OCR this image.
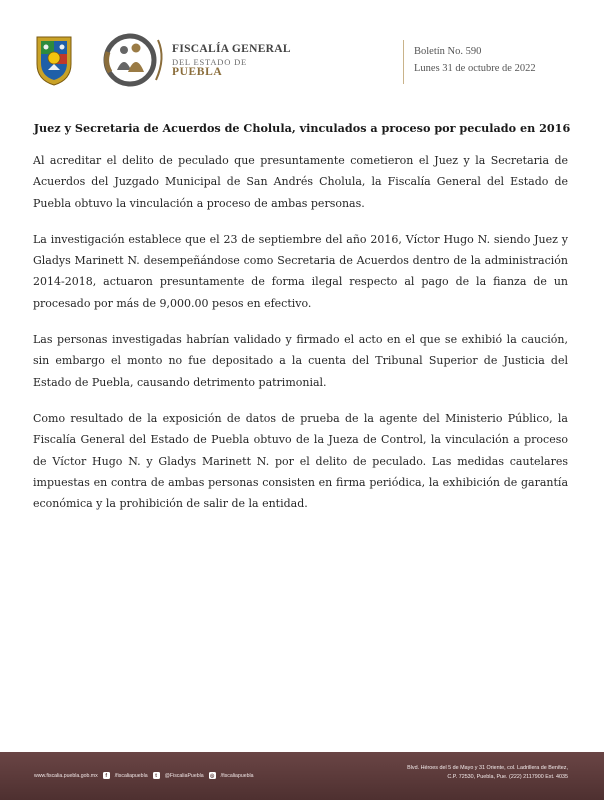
FISCALÍA GENERAL
DEL ESTADO DE
PUEBLA
Boletín No. 590
Lunes 31 de octubre de 2022
Juez y Secretaria de Acuerdos de Cholula, vinculados a proceso por peculado en 2016

Al acreditar el delito de peculado que presuntamente cometieron el Juez y la Secretaria de Acuerdos del Juzgado Municipal de San Andrés Cholula, la Fiscalía General del Estado de Puebla obtuvo la vinculación a proceso de ambas personas.

La investigación establece que el 23 de septiembre del año 2016, Víctor Hugo N. siendo Juez y Gladys Marinett N. desempeñándose como Secretaria de Acuerdos dentro de la administración 2014-2018, actuaron presuntamente de forma ilegal respecto al pago de la fianza de un procesado por más de 9,000.00 pesos en efectivo.

Las personas investigadas habrían validado y firmado el acto en el que se exhibió la caución, sin embargo el monto no fue depositado a la cuenta del Tribunal Superior de Justicia del Estado de Puebla, causando detrimento patrimonial.

Como resultado de la exposición de datos de prueba de la agente del Ministerio Público, la Fiscalía General del Estado de Puebla obtuvo de la Jueza de Control, la vinculación a proceso de Víctor Hugo N. y Gladys Marinett N. por el delito de peculado. Las medidas cautelares impuestas en contra de ambas personas consisten en firma periódica, la exhibición de garantía económica y la prohibición de salir de la entidad.

www.fiscalia.puebla.gob.mx	f	/fiscaliapuebla	t	@FiscaliaPuebla ◎ /fiscaliapuebla
Blvd. Héroes del 5 de Mayo y 31 Oriente, col. Ladrillera de Benítez,
C.P. 72530, Puebla, Pue. (222) 2117900 Ext. 4035
